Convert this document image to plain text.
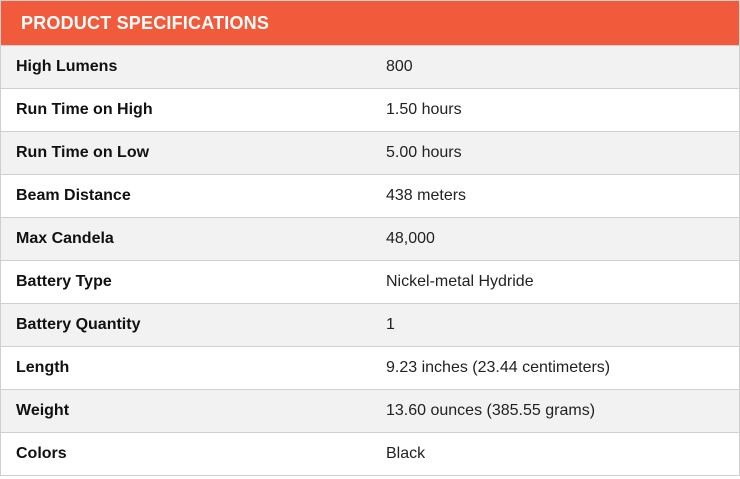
PRODUCT SPECIFICATIONS
High Lumens	800
Run Time on High	1.50 hours
Run Time on Low	5.00 hours
Beam Distance	438 meters
Max Candela	48,000
Battery Type	Nickel-metal Hydride
Battery Quantity	1
Length	9.23 inches (23.44 centimeters)
Weight	13.60 ounces (385.55 grams)
Colors	Black
